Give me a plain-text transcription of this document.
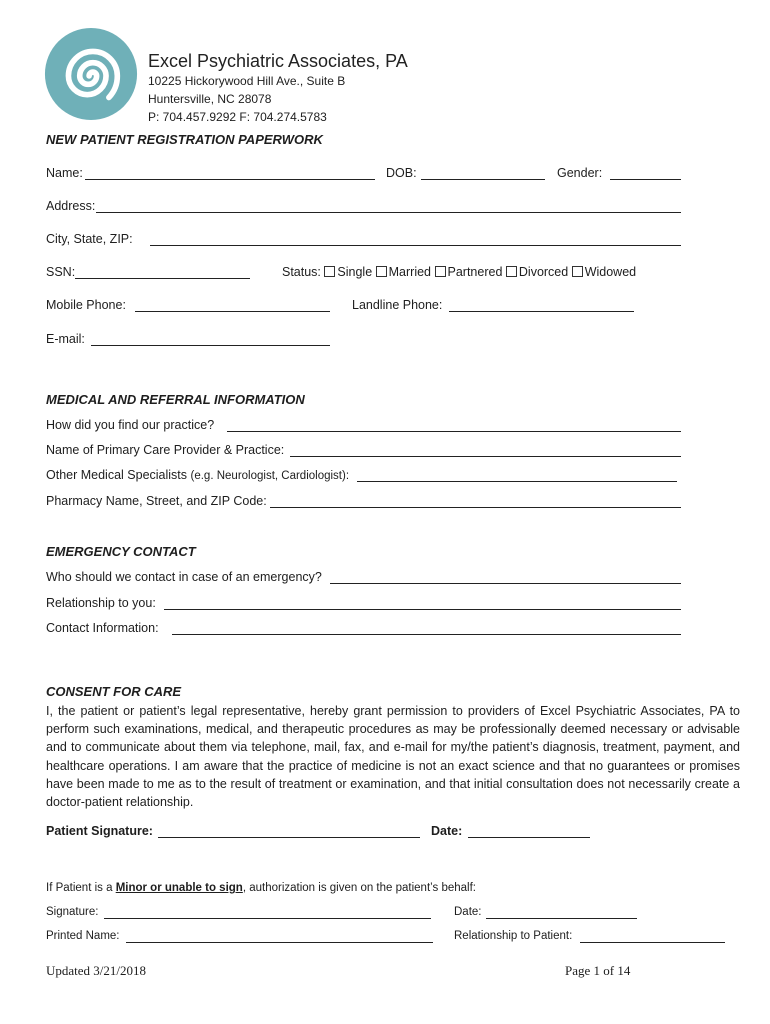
Excel Psychiatric Associates, PA
10225 Hickorywood Hill Ave., Suite B
Huntersville, NC 28078
P: 704.457.9292 F: 704.274.5783
NEW PATIENT REGISTRATION PAPERWORK
Name:	DOB:	Gender:
Address:
City, State, ZIP:
SSN:	Status: Single Married Partnered Divorced Widowed
Mobile Phone:	Landline Phone:
E-mail:
MEDICAL AND REFERRAL INFORMATION
How did you find our practice?
Name of Primary Care Provider & Practice:
Other Medical Specialists (e.g. Neurologist, Cardiologist):
Pharmacy Name, Street, and ZIP Code:
EMERGENCY CONTACT
Who should we contact in case of an emergency?
Relationship to you:
Contact Information:
CONSENT FOR CARE
I, the patient or patient’s legal representative, hereby grant permission to providers of Excel Psychiatric Associates, PA to perform such examinations, medical, and therapeutic procedures as may be professionally deemed necessary or advisable and to communicate about them via telephone, mail, fax, and e-mail for my/the patient’s diagnosis, treatment, payment, and healthcare operations. I am aware that the practice of medicine is not an exact science and that no guarantees or promises have been made to me as to the result of treatment or examination, and that initial consultation does not necessarily create a doctor-patient relationship.
Patient Signature:	Date:
If Patient is a Minor or unable to sign, authorization is given on the patient’s behalf:
Signature:	Date:
Printed Name:	Relationship to Patient:
Updated 3/21/2018	Page 1 of 14
